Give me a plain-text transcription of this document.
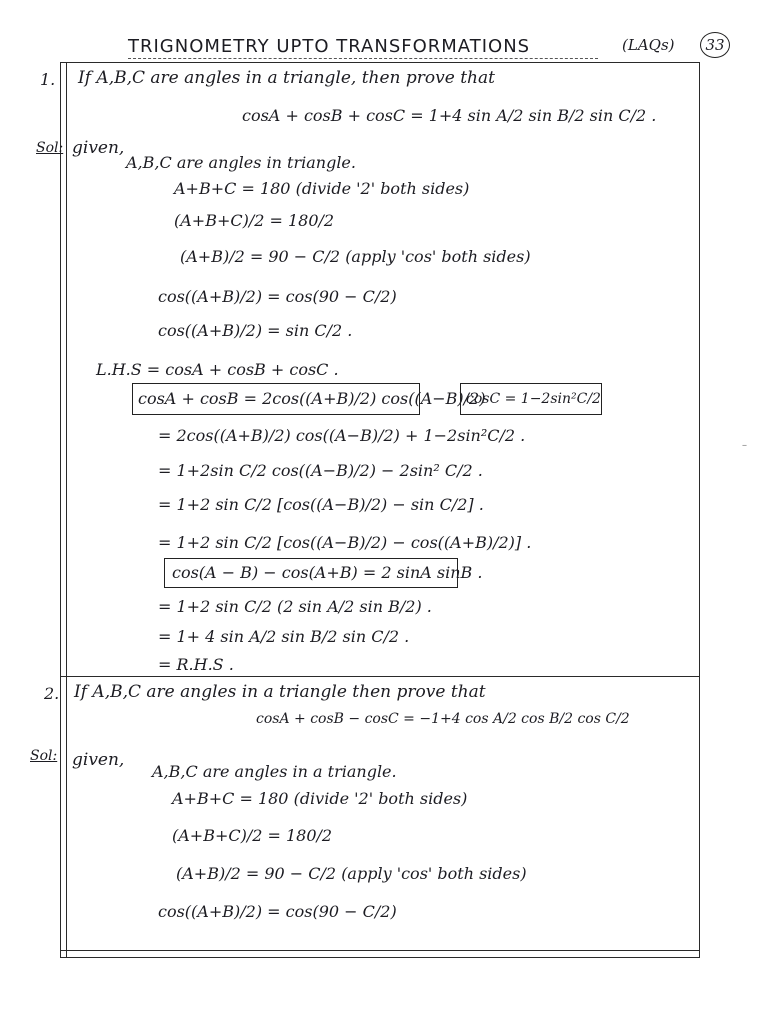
TRIGNOMETRY UPTO TRANSFORMATIONS	(LAQs)	33
1. If A,B,C are angles in a triangle, then prove that
cosA + cosB + cosC = 1+4 sin A/2 sin B/2 sin C/2 .
Sol: given,
A,B,C are angles in triangle.
A+B+C = 180 (divide '2' both sides)
(A+B+C)/2 = 180/2
(A+B)/2 = 90 − C/2 (apply 'cos' both sides)
cos((A+B)/2) = cos(90 − C/2)
cos((A+B)/2) = sin C/2 .
L.H.S = cosA + cosB + cosC .
cosA + cosB = 2cos((A+B)/2) cos((A−B)/2)
cosC = 1−2sin²C/2
= 2cos((A+B)/2) cos((A−B)/2) + 1−2sin²C/2 .
= 1+2sin C/2 cos((A−B)/2) − 2sin² C/2 .
= 1+2 sin C/2 [cos((A−B)/2) − sin C/2] .
= 1+2 sin C/2 [cos((A−B)/2) − cos((A+B)/2)] .
cos(A − B) − cos(A+B) = 2 sinA sinB .
= 1+2 sin C/2 (2 sin A/2 sin B/2) .
= 1+ 4 sin A/2 sin B/2 sin C/2 .
= R.H.S .
2. If A,B,C are angles in a triangle then prove that
cosA + cosB − cosC = −1+4 cos A/2 cos B/2 cos C/2
Sol: given,
A,B,C are angles in a triangle.
A+B+C = 180 (divide '2' both sides)
(A+B+C)/2 = 180/2
(A+B)/2 = 90 − C/2 (apply 'cos' both sides)
cos((A+B)/2) = cos(90 − C/2)
–
